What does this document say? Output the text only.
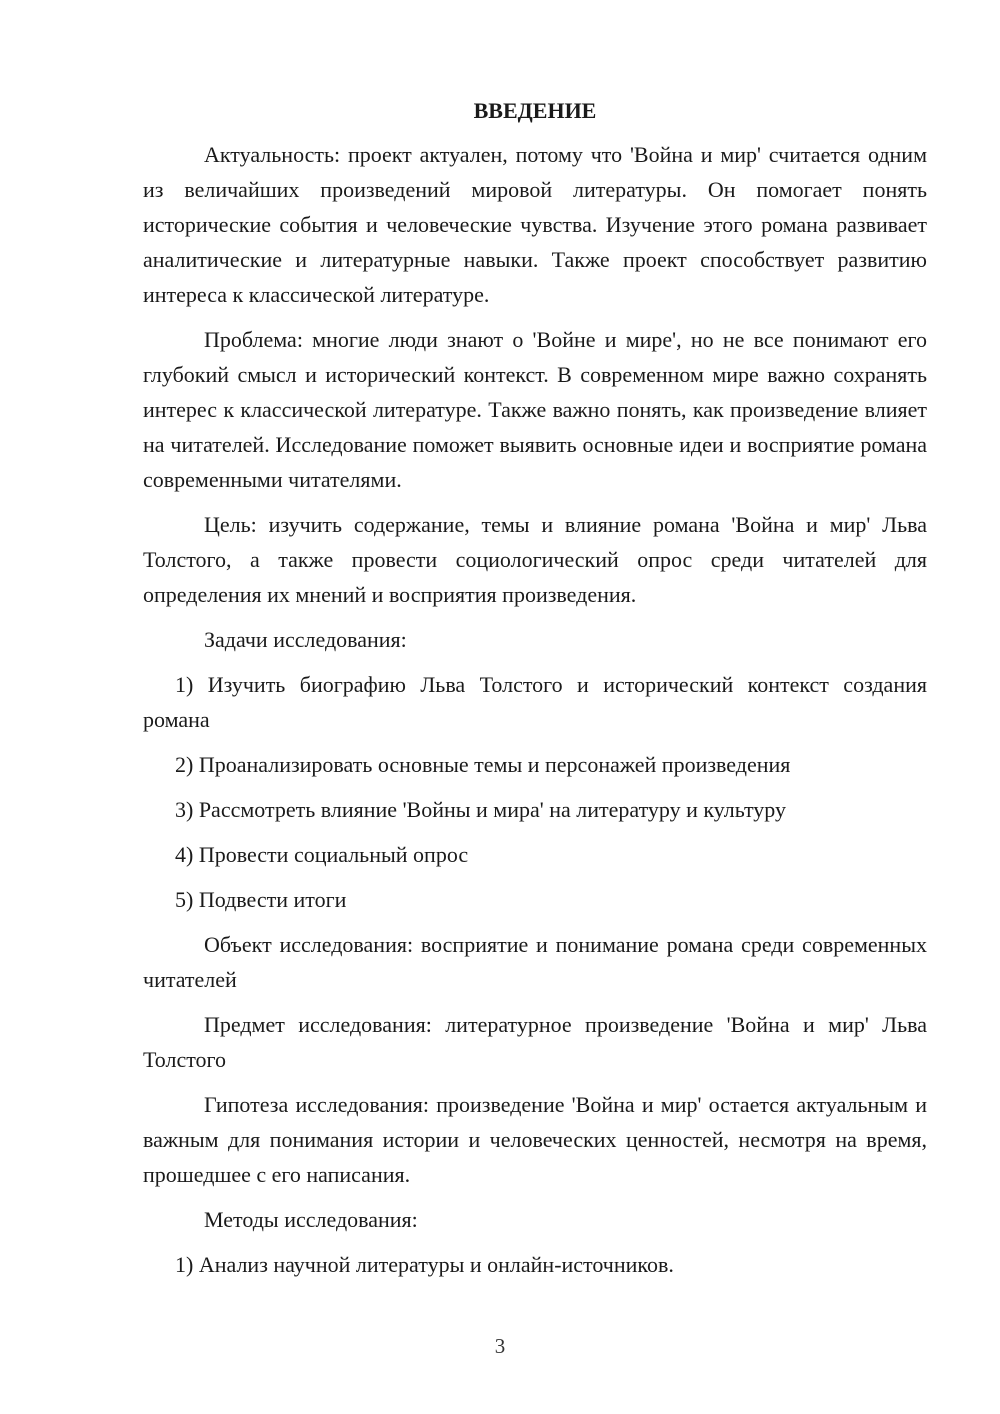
ВВЕДЕНИЕ

Актуальность: проект актуален, потому что 'Война и мир' считается одним из величайших произведений мировой литературы. Он помогает понять исторические события и человеческие чувства. Изучение этого романа развивает аналитические и литературные навыки. Также проект способствует развитию интереса к классической литературе.

Проблема: многие люди знают о 'Войне и мире', но не все понимают его глубокий смысл и исторический контекст. В современном мире важно сохранять интерес к классической литературе. Также важно понять, как произведение влияет на читателей. Исследование поможет выявить основные идеи и восприятие романа современными читателями.

Цель: изучить содержание, темы и влияние романа 'Война и мир' Льва Толстого, а также провести социологический опрос среди читателей для определения их мнений и восприятия произведения.

Задачи исследования:

1) Изучить биографию Льва Толстого и исторический контекст создания романа
2) Проанализировать основные темы и персонажей произведения
3) Рассмотреть влияние 'Войны и мира' на литературу и культуру
4) Провести социальный опрос
5) Подвести итоги

Объект исследования: восприятие и понимание романа среди современных читателей

Предмет исследования: литературное произведение 'Война и мир' Льва Толстого

Гипотеза исследования: произведение 'Война и мир' остается актуальным и важным для понимания истории и человеческих ценностей, несмотря на время, прошедшее с его написания.

Методы исследования:

1) Анализ научной литературы и онлайн-источников.
3
